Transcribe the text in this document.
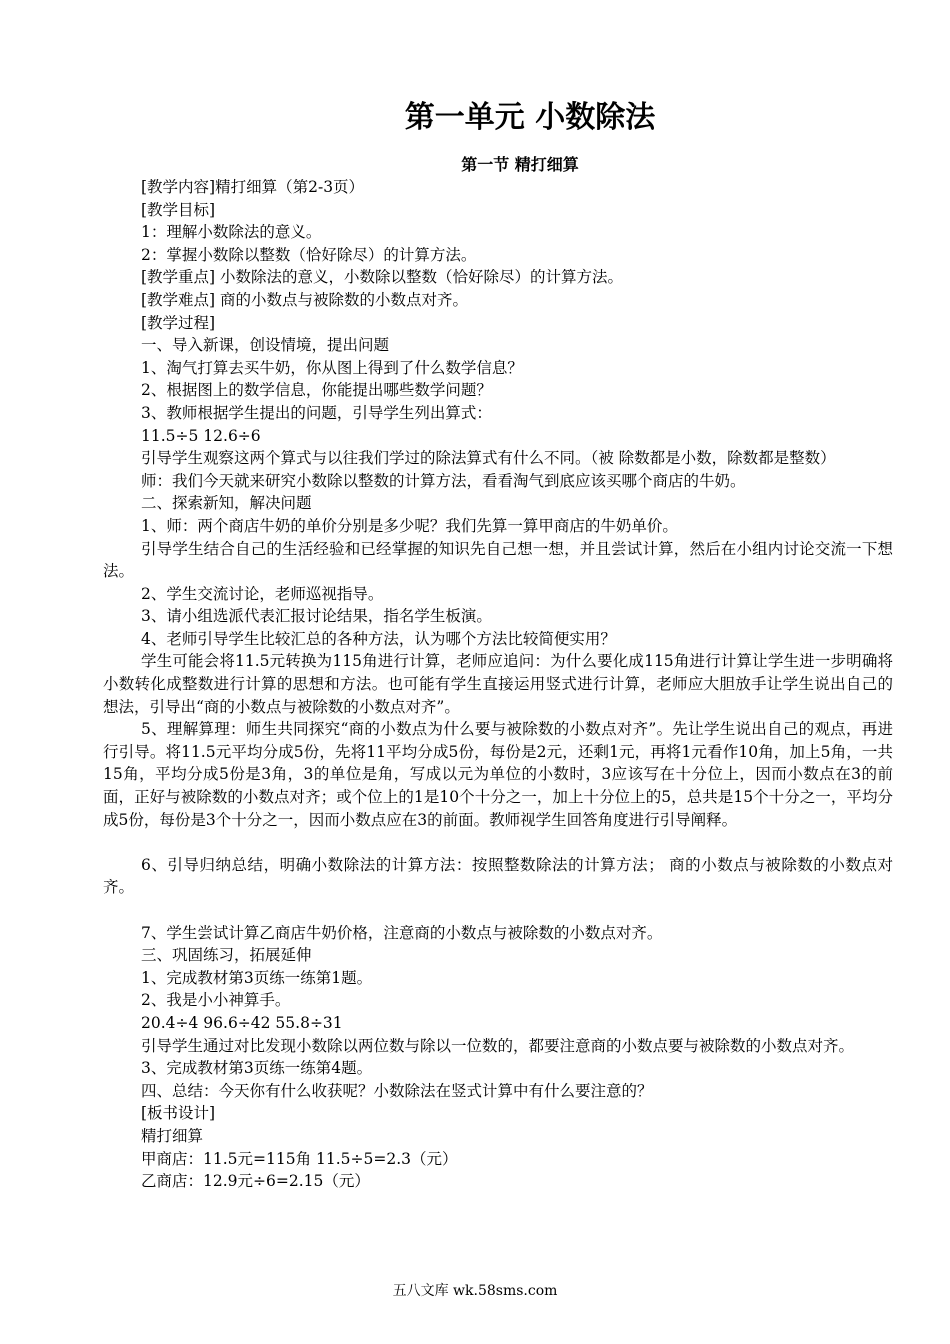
第一单元 小数除法
第一节 精打细算

[教学内容]精打细算（第2-3页）

[教学目标]

1：理解小数除法的意义。

2：掌握小数除以整数（恰好除尽）的计算方法。

[教学重点] 小数除法的意义，小数除以整数（恰好除尽）的计算方法。

[教学难点] 商的小数点与被除数的小数点对齐。

[教学过程]

一、导入新课，创设情境，提出问题

1、淘气打算去买牛奶，你从图上得到了什么数学信息？

2、根据图上的数学信息，你能提出哪些数学问题？

3、教师根据学生提出的问题，引导学生列出算式：

11.5÷5 12.6÷6

引导学生观察这两个算式与以往我们学过的除法算式有什么不同。（被 除数都是小数，除数都是整数）

师：我们今天就来研究小数除以整数的计算方法，看看淘气到底应该买哪个商店的牛奶。

二、探索新知，解决问题

1、师：两个商店牛奶的单价分别是多少呢？我们先算一算甲商店的牛奶单价。

引导学生结合自己的生活经验和已经掌握的知识先自己想一想，并且尝试计算，然后在小组内讨论交流一下想法。

2、学生交流讨论，老师巡视指导。

3、请小组选派代表汇报讨论结果，指名学生板演。

4、老师引导学生比较汇总的各种方法，认为哪个方法比较简便实用？

学生可能会将11.5元转换为115角进行计算，老师应追问：为什么要化成115角进行计算让学生进一步明确将小数转化成整数进行计算的思想和方法。也可能有学生直接运用竖式进行计算，老师应大胆放手让学生说出自己的想法，引导出“商的小数点与被除数的小数点对齐”。

5、理解算理：师生共同探究“商的小数点为什么要与被除数的小数点对齐”。先让学生说出自己的观点，再进行引导。将11.5元平均分成5份，先将11平均分成5份，每份是2元，还剩1元，再将1元看作10角，加上5角，一共15角，平均分成5份是3角，3的单位是角，写成以元为单位的小数时，3应该写在十分位上，因而小数点在3的前面，正好与被除数的小数点对齐；或个位上的1是10个十分之一，加上十分位上的5，总共是15个十分之一，平均分成5份，每份是3个十分之一，因而小数点应在3的前面。教师视学生回答角度进行引导阐释。

6、引导归纳总结，明确小数除法的计算方法：按照整数除法的计算方法； 商的小数点与被除数的小数点对齐。

7、学生尝试计算乙商店牛奶价格，注意商的小数点与被除数的小数点对齐。

三、巩固练习，拓展延伸

1、完成教材第3页练一练第1题。

2、我是小小神算手。

20.4÷4 96.6÷42 55.8÷31

引导学生通过对比发现小数除以两位数与除以一位数的，都要注意商的小数点要与被除数的小数点对齐。

3、完成教材第3页练一练第4题。

四、总结：今天你有什么收获呢？小数除法在竖式计算中有什么要注意的？

[板书设计]

精打细算

甲商店：11.5元=115角 11.5÷5=2.3（元）

乙商店：12.9元÷6=2.15（元）

五八文库 wk.58sms.com
